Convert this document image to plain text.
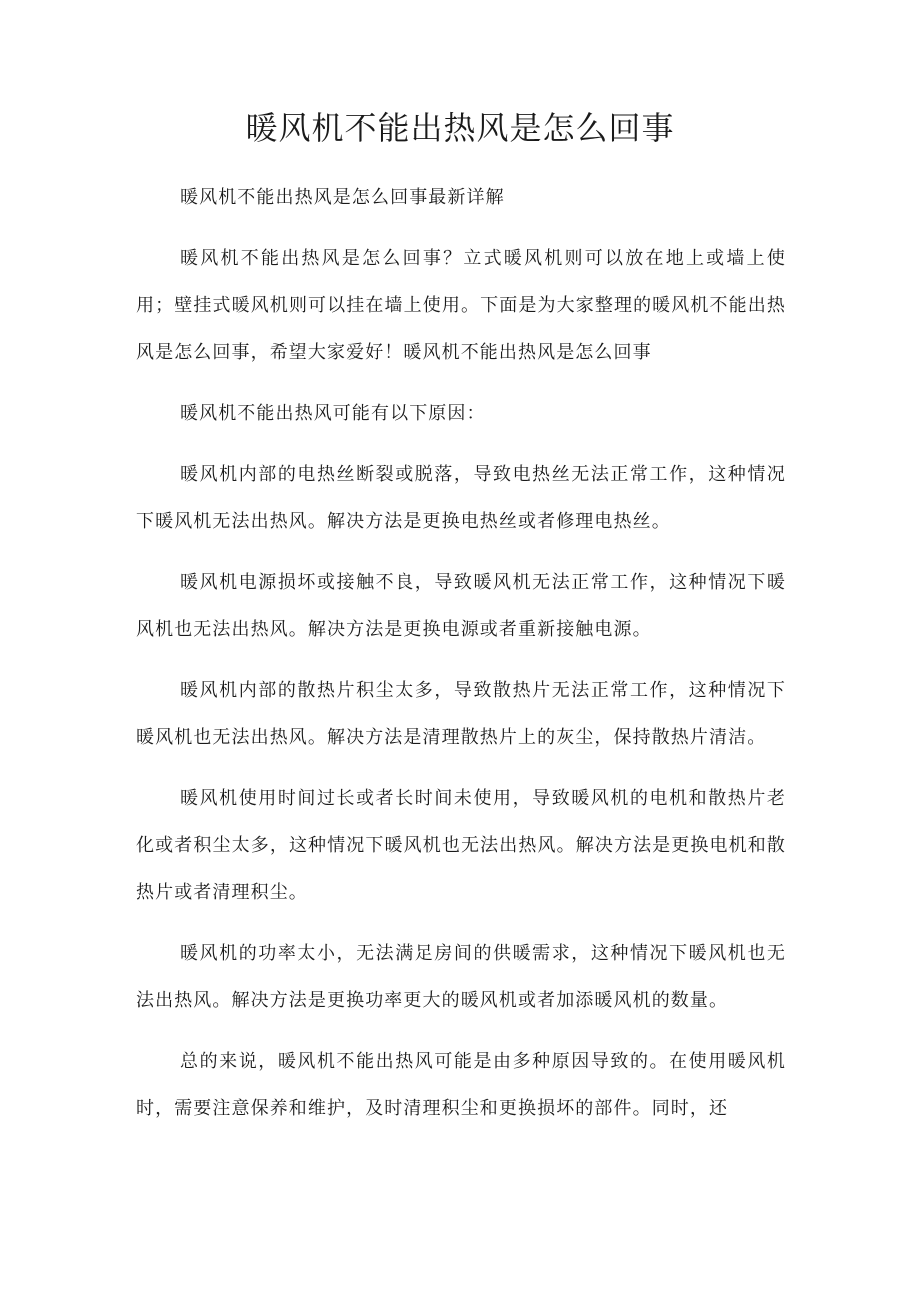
暖风机不能出热风是怎么回事

暖风机不能出热风是怎么回事最新详解

暖风机不能出热风是怎么回事？立式暖风机则可以放在地上或墙上使用；壁挂式暖风机则可以挂在墙上使用。下面是为大家整理的暖风机不能出热风是怎么回事，希望大家爱好！暖风机不能出热风是怎么回事

暖风机不能出热风可能有以下原因：

暖风机内部的电热丝断裂或脱落，导致电热丝无法正常工作，这种情况下暖风机无法出热风。解决方法是更换电热丝或者修理电热丝。

暖风机电源损坏或接触不良，导致暖风机无法正常工作，这种情况下暖风机也无法出热风。解决方法是更换电源或者重新接触电源。

暖风机内部的散热片积尘太多，导致散热片无法正常工作，这种情况下暖风机也无法出热风。解决方法是清理散热片上的灰尘，保持散热片清洁。

暖风机使用时间过长或者长时间未使用，导致暖风机的电机和散热片老化或者积尘太多，这种情况下暖风机也无法出热风。解决方法是更换电机和散热片或者清理积尘。

暖风机的功率太小，无法满足房间的供暖需求，这种情况下暖风机也无法出热风。解决方法是更换功率更大的暖风机或者加添暖风机的数量。

总的来说，暖风机不能出热风可能是由多种原因导致的。在使用暖风机时，需要注意保养和维护，及时清理积尘和更换损坏的部件。同时，还
